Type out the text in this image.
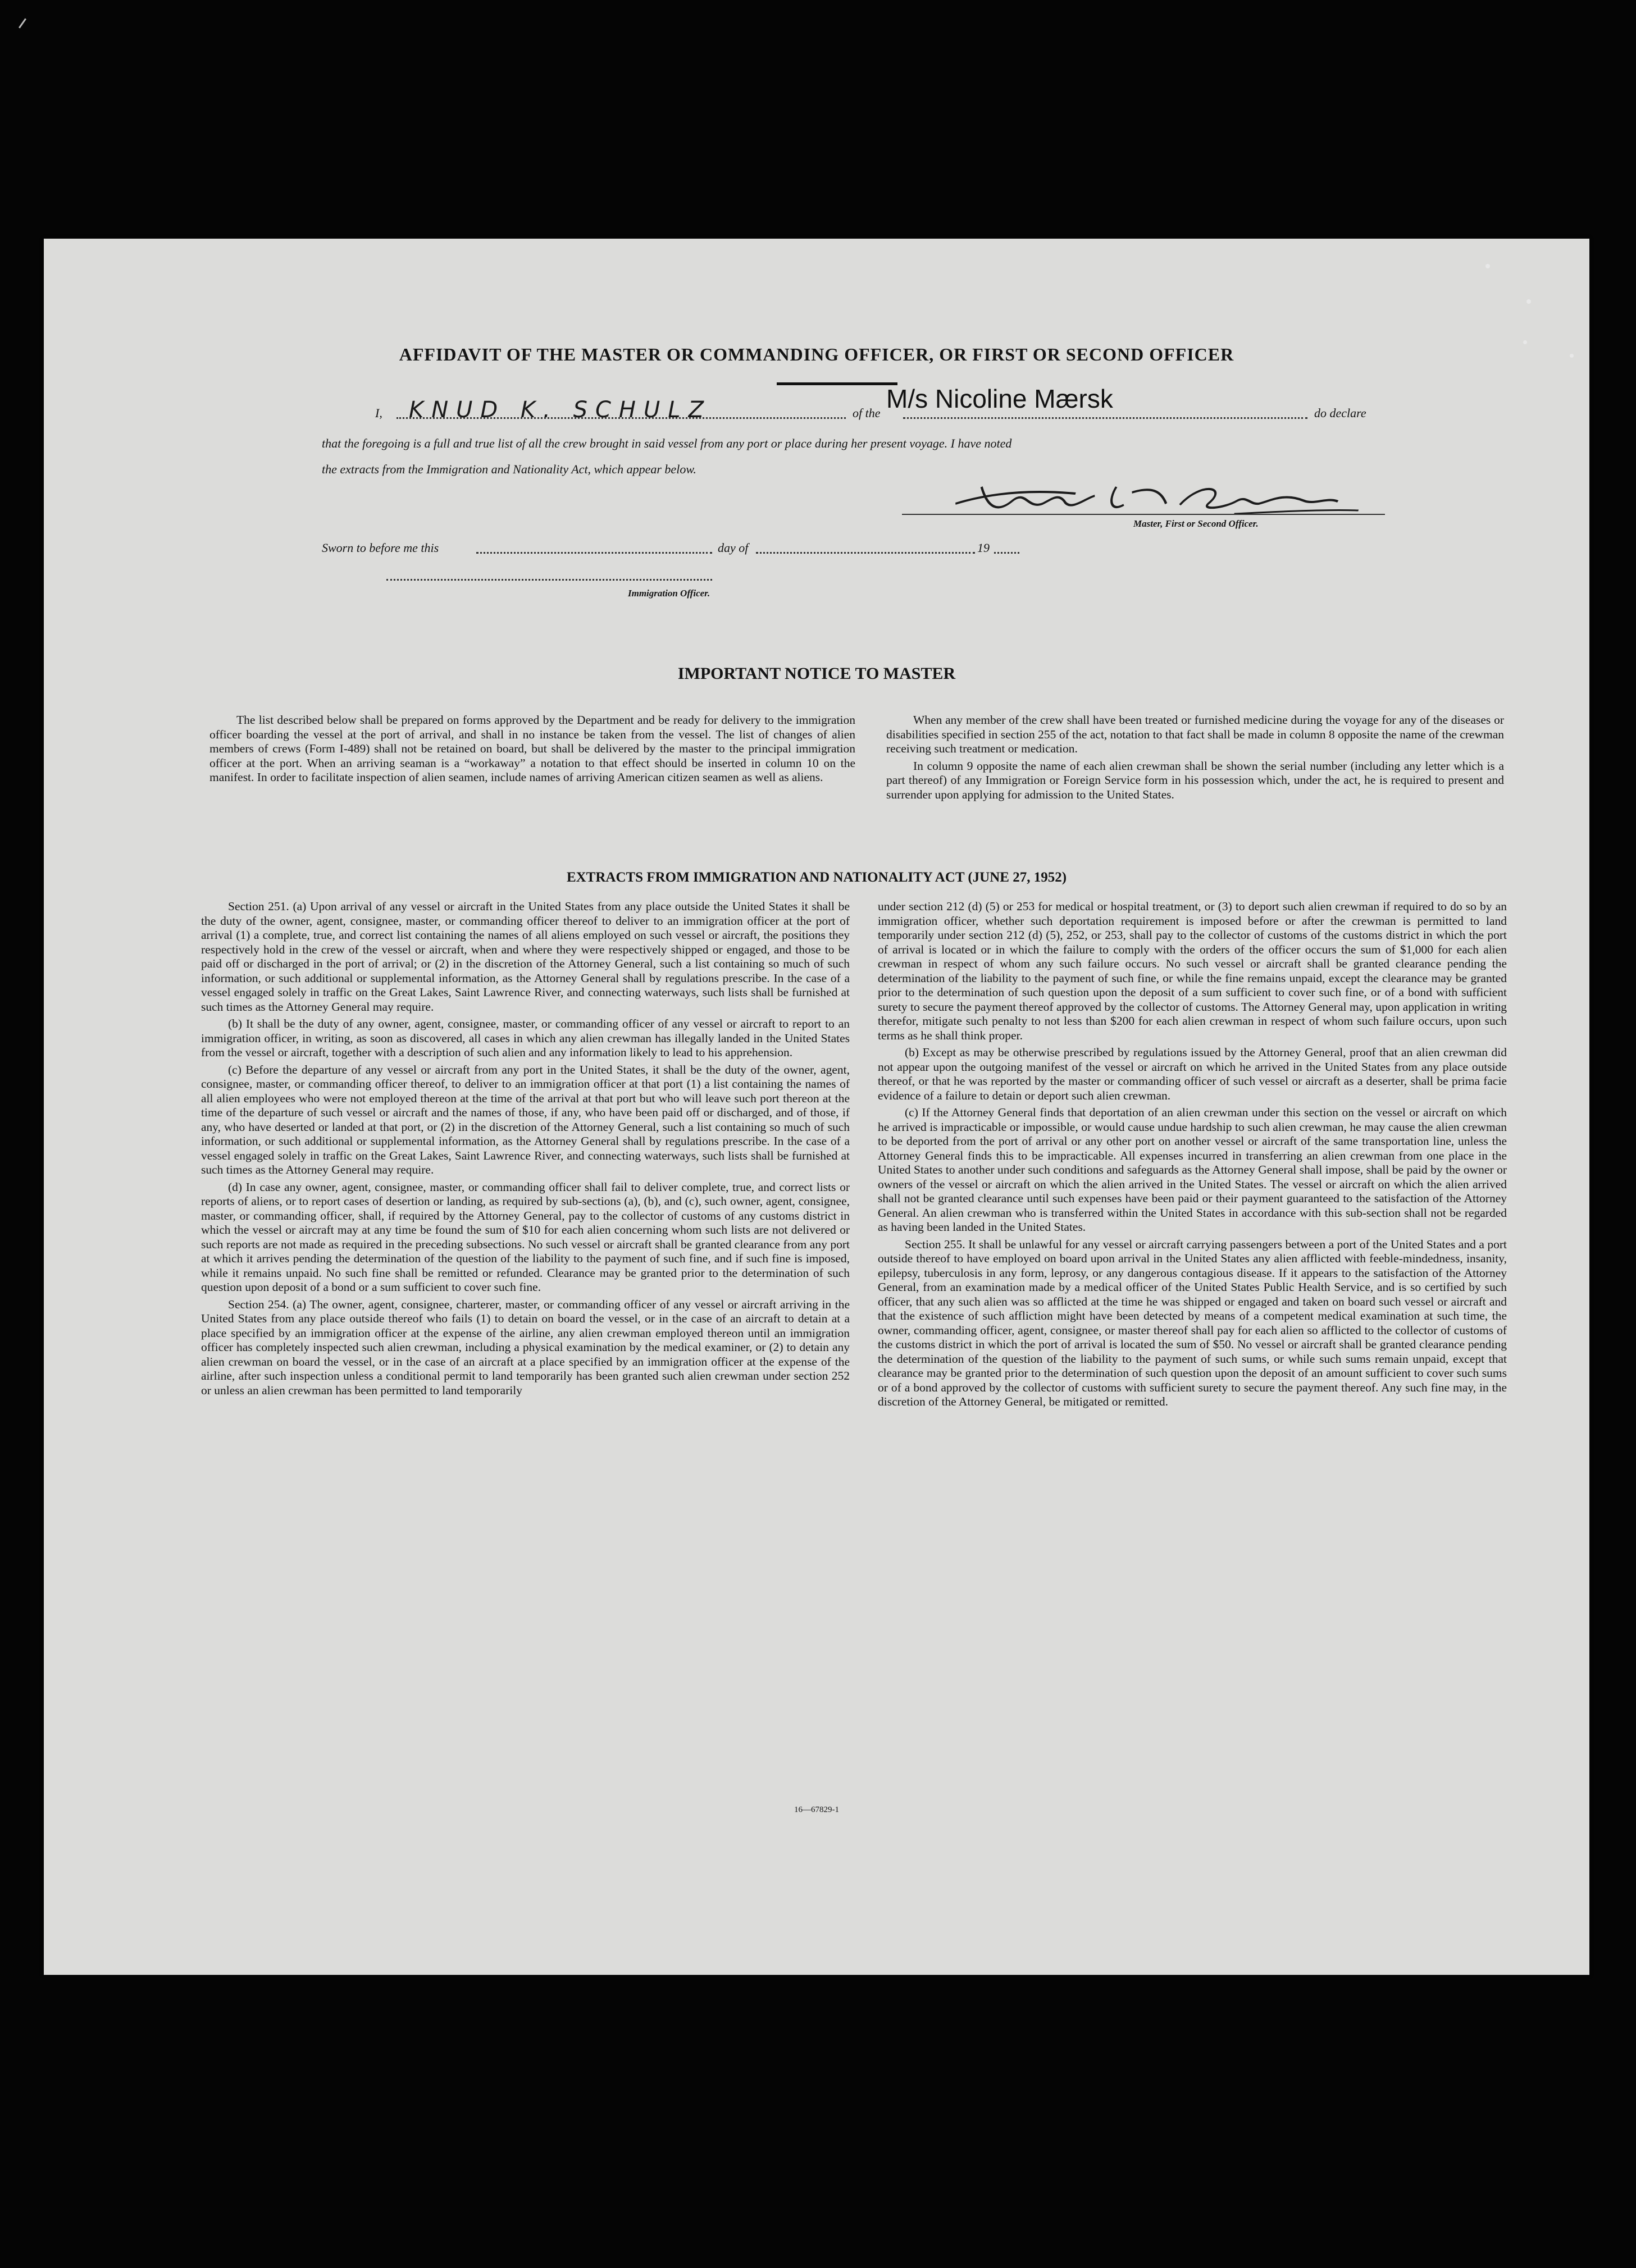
AFFIDAVIT OF THE MASTER OR COMMANDING OFFICER, OR FIRST OR SECOND OFFICER
I, KNUD K. SCHULZ	of the M/s Nicoline Mærsk	do declare
that the foregoing is a full and true list of all the crew brought in said vessel from any port or place during her present voyage. I have noted
the extracts from the Immigration and Nationality Act, which appear below.
Master, First or Second Officer.
Sworn to before me this	day of	19
Immigration Officer.
IMPORTANT NOTICE TO MASTER

The list described below shall be prepared on forms approved by the Department and be ready for delivery to the immigration officer boarding the vessel at the port of arrival, and shall in no instance be taken from the vessel. The list of changes of alien members of crews (Form I-489) shall not be retained on board, but shall be delivered by the master to the principal immigration officer at the port. When an arriving seaman is a “workaway” a notation to that effect should be inserted in column 10 on the manifest. In order to facilitate inspection of alien seamen, include names of arriving American citizen seamen as well as aliens.

When any member of the crew shall have been treated or furnished medicine during the voyage for any of the diseases or disabilities specified in section 255 of the act, notation to that fact shall be made in column 8 opposite the name of the crewman receiving such treatment or medication.

In column 9 opposite the name of each alien crewman shall be shown the serial number (including any letter which is a part thereof) of any Immigration or Foreign Service form in his possession which, under the act, he is required to present and surrender upon applying for admission to the United States.

EXTRACTS FROM IMMIGRATION AND NATIONALITY ACT (JUNE 27, 1952)

Section 251. (a) Upon arrival of any vessel or aircraft in the United States from any place outside the United States it shall be the duty of the owner, agent, consignee, master, or commanding officer thereof to deliver to an immigration officer at the port of arrival (1) a complete, true, and correct list containing the names of all aliens employed on such vessel or aircraft, the positions they respectively hold in the crew of the vessel or aircraft, when and where they were respectively shipped or engaged, and those to be paid off or discharged in the port of arrival; or (2) in the discretion of the Attorney General, such a list containing so much of such information, or such additional or supplemental information, as the Attorney General shall by regulations prescribe. In the case of a vessel engaged solely in traffic on the Great Lakes, Saint Lawrence River, and connecting waterways, such lists shall be furnished at such times as the Attorney General may require.

(b) It shall be the duty of any owner, agent, consignee, master, or commanding officer of any vessel or aircraft to report to an immigration officer, in writing, as soon as discovered, all cases in which any alien crewman has illegally landed in the United States from the vessel or aircraft, together with a description of such alien and any information likely to lead to his apprehension.

(c) Before the departure of any vessel or aircraft from any port in the United States, it shall be the duty of the owner, agent, consignee, master, or commanding officer thereof, to deliver to an immigration officer at that port (1) a list containing the names of all alien employees who were not employed thereon at the time of the arrival at that port but who will leave such port thereon at the time of the departure of such vessel or aircraft and the names of those, if any, who have been paid off or discharged, and of those, if any, who have deserted or landed at that port, or (2) in the discretion of the Attorney General, such a list containing so much of such information, or such additional or supplemental information, as the Attorney General shall by regulations prescribe. In the case of a vessel engaged solely in traffic on the Great Lakes, Saint Lawrence River, and connecting waterways, such lists shall be furnished at such times as the Attorney General may require.

(d) In case any owner, agent, consignee, master, or commanding officer shall fail to deliver complete, true, and correct lists or reports of aliens, or to report cases of desertion or landing, as required by sub-sections (a), (b), and (c), such owner, agent, consignee, master, or commanding officer, shall, if required by the Attorney General, pay to the collector of customs of any customs district in which the vessel or aircraft may at any time be found the sum of $10 for each alien concerning whom such lists are not delivered or such reports are not made as required in the preceding subsections. No such vessel or aircraft shall be granted clearance from any port at which it arrives pending the determination of the question of the liability to the payment of such fine, and if such fine is imposed, while it remains unpaid. No such fine shall be remitted or refunded. Clearance may be granted prior to the determination of such question upon deposit of a bond or a sum sufficient to cover such fine.

Section 254. (a) The owner, agent, consignee, charterer, master, or commanding officer of any vessel or aircraft arriving in the United States from any place outside thereof who fails (1) to detain on board the vessel, or in the case of an aircraft to detain at a place specified by an immigration officer at the expense of the airline, any alien crewman employed thereon until an immigration officer has completely inspected such alien crewman, including a physical examination by the medical examiner, or (2) to detain any alien crewman on board the vessel, or in the case of an aircraft at a place specified by an immigration officer at the expense of the airline, after such inspection unless a conditional permit to land temporarily has been granted such alien crewman under section 252 or unless an alien crewman has been permitted to land temporarily

under section 212 (d) (5) or 253 for medical or hospital treatment, or (3) to deport such alien crewman if required to do so by an immigration officer, whether such deportation requirement is imposed before or after the crewman is permitted to land temporarily under section 212 (d) (5), 252, or 253, shall pay to the collector of customs of the customs district in which the port of arrival is located or in which the failure to comply with the orders of the officer occurs the sum of $1,000 for each alien crewman in respect of whom any such failure occurs. No such vessel or aircraft shall be granted clearance pending the determination of the liability to the payment of such fine, or while the fine remains unpaid, except the clearance may be granted prior to the determination of such question upon the deposit of a sum sufficient to cover such fine, or of a bond with sufficient surety to secure the payment thereof approved by the collector of customs. The Attorney General may, upon application in writing therefor, mitigate such penalty to not less than $200 for each alien crewman in respect of whom such failure occurs, upon such terms as he shall think proper.

(b) Except as may be otherwise prescribed by regulations issued by the Attorney General, proof that an alien crewman did not appear upon the outgoing manifest of the vessel or aircraft on which he arrived in the United States from any place outside thereof, or that he was reported by the master or commanding officer of such vessel or aircraft as a deserter, shall be prima facie evidence of a failure to detain or deport such alien crewman.

(c) If the Attorney General finds that deportation of an alien crewman under this section on the vessel or aircraft on which he arrived is impracticable or impossible, or would cause undue hardship to such alien crewman, he may cause the alien crewman to be deported from the port of arrival or any other port on another vessel or aircraft of the same transportation line, unless the Attorney General finds this to be impracticable. All expenses incurred in transferring an alien crewman from one place in the United States to another under such conditions and safeguards as the Attorney General shall impose, shall be paid by the owner or owners of the vessel or aircraft on which the alien arrived in the United States. The vessel or aircraft on which the alien arrived shall not be granted clearance until such expenses have been paid or their payment guaranteed to the satisfaction of the Attorney General. An alien crewman who is transferred within the United States in accordance with this sub-section shall not be regarded as having been landed in the United States.

Section 255. It shall be unlawful for any vessel or aircraft carrying passengers between a port of the United States and a port outside thereof to have employed on board upon arrival in the United States any alien afflicted with feeble-mindedness, insanity, epilepsy, tuberculosis in any form, leprosy, or any dangerous contagious disease. If it appears to the satisfaction of the Attorney General, from an examination made by a medical officer of the United States Public Health Service, and is so certified by such officer, that any such alien was so afflicted at the time he was shipped or engaged and taken on board such vessel or aircraft and that the existence of such affliction might have been detected by means of a competent medical examination at such time, the owner, commanding officer, agent, consignee, or master thereof shall pay for each alien so afflicted to the collector of customs of the customs district in which the port of arrival is located the sum of $50. No vessel or aircraft shall be granted clearance pending the determination of the question of the liability to the payment of such sums, or while such sums remain unpaid, except that clearance may be granted prior to the determination of such question upon the deposit of an amount sufficient to cover such sums or of a bond approved by the collector of customs with sufficient surety to secure the payment thereof. Any such fine may, in the discretion of the Attorney General, be mitigated or remitted.

16—67829-1
